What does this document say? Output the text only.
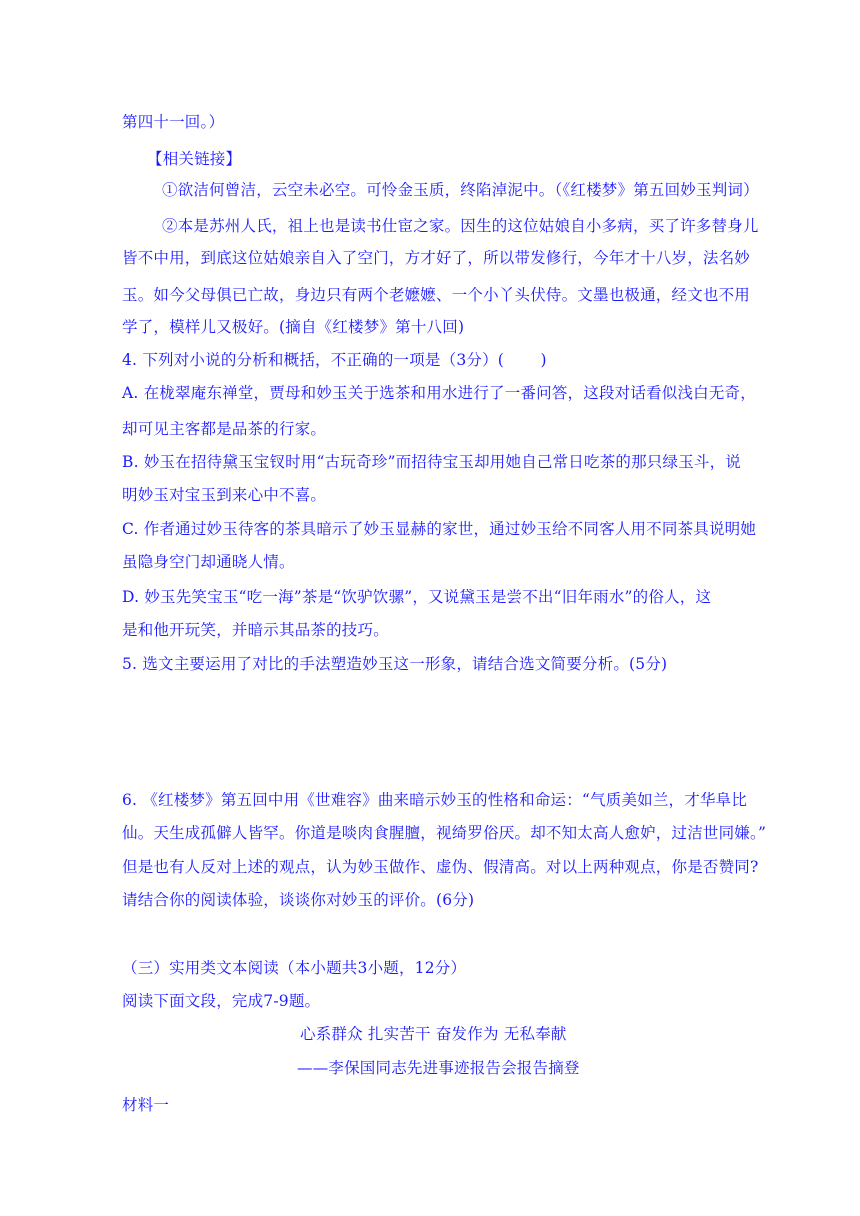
第四十一回。）
【相关链接】
①欲洁何曾洁，云空未必空。可怜金玉质，终陷淖泥中。（《红楼梦》第五回妙玉判词）
②本是苏州人氏，祖上也是读书仕宦之家。因生的这位姑娘自小多病，买了许多替身儿
皆不中用，到底这位姑娘亲自入了空门，方才好了，所以带发修行，今年才十八岁，法名妙
玉。如今父母俱已亡故，身边只有两个老嬷嬷、一个小丫头伏侍。文墨也极通，经文也不用
学了，模样儿又极好。(摘自《红楼梦》第十八回)
4. 下列对小说的分析和概括，不正确的一项是（3分）(　　 )
A. 在栊翠庵东禅堂，贾母和妙玉关于选茶和用水进行了一番问答，这段对话看似浅白无奇，
却可见主客都是品茶的行家。
B. 妙玉在招待黛玉宝钗时用“古玩奇珍”而招待宝玉却用她自己常日吃茶的那只绿玉斗，说
明妙玉对宝玉到来心中不喜。
C. 作者通过妙玉待客的茶具暗示了妙玉显赫的家世，通过妙玉给不同客人用不同茶具说明她
虽隐身空门却通晓人情。
D. 妙玉先笑宝玉“吃一海”茶是“饮驴饮骡”，又说黛玉是尝不出“旧年雨水”的俗人，这
是和他开玩笑，并暗示其品茶的技巧。
5. 选文主要运用了对比的手法塑造妙玉这一形象，请结合选文简要分析。(5分)
6. 《红楼梦》第五回中用《世难容》曲来暗示妙玉的性格和命运：“气质美如兰，才华阜比
仙。天生成孤僻人皆罕。你道是啖肉食腥膻，视绮罗俗厌。却不知太高人愈妒，过洁世同嫌。”
但是也有人反对上述的观点，认为妙玉做作、虚伪、假清高。对以上两种观点，你是否赞同?
请结合你的阅读体验，谈谈你对妙玉的评价。(6分)
（三）实用类文本阅读（本小题共3小题，12分）
阅读下面文段，完成7-9题。
心系群众 扎实苦干 奋发作为 无私奉献
——李保国同志先进事迹报告会报告摘登
材料一
